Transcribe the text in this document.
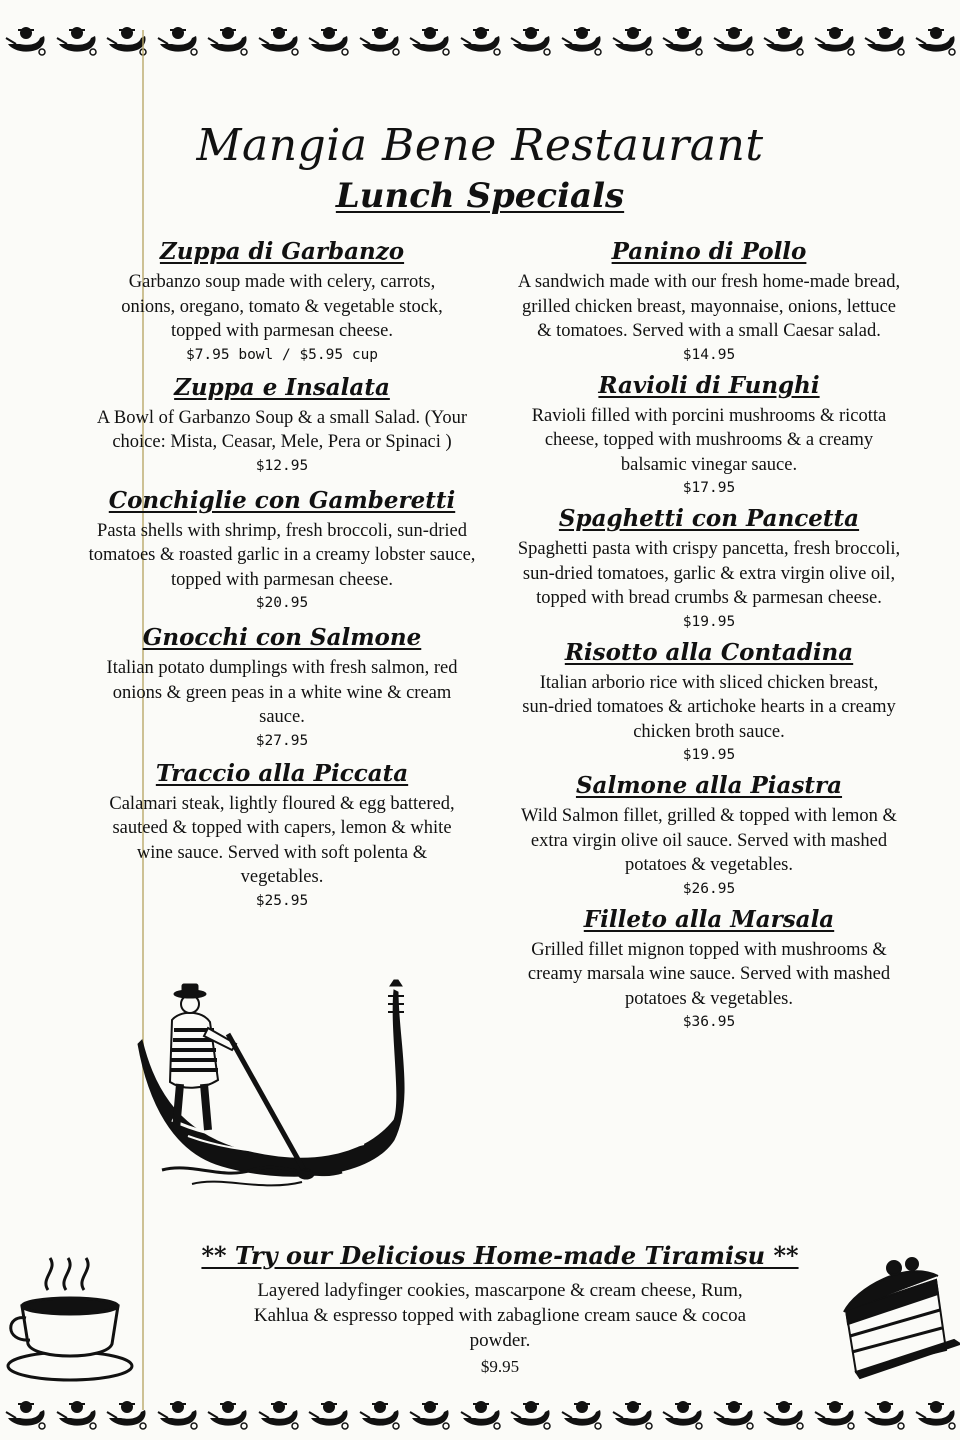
Mangia Bene Restaurant
Lunch Specials

Zuppa di Garbanzo

Garbanzo soup made with celery, carrots, onions, oregano, tomato & vegetable stock, topped with parmesan cheese.

$7.95 bowl / $5.95 cup

Zuppa e Insalata

A Bowl of Garbanzo Soup & a small Salad. (Your choice: Mista, Ceasar, Mele, Pera or Spinaci )

$12.95

Conchiglie con Gamberetti

Pasta shells with shrimp, fresh broccoli, sun-dried tomatoes & roasted garlic in a creamy lobster sauce, topped with parmesan cheese.

$20.95

Gnocchi con Salmone

Italian potato dumplings with fresh salmon, red onions & green peas in a white wine & cream sauce.

$27.95

Traccio alla Piccata

Calamari steak, lightly floured & egg battered, sauteed & topped with capers, lemon & white wine sauce. Served with soft polenta & vegetables.

$25.95

Panino di Pollo

A sandwich made with our fresh home-made bread, grilled chicken breast, mayonnaise, onions, lettuce & tomatoes. Served with a small Caesar salad.

$14.95

Ravioli di Funghi

Ravioli filled with porcini mushrooms & ricotta cheese, topped with mushrooms & a creamy balsamic vinegar sauce.

$17.95

Spaghetti con Pancetta

Spaghetti pasta with crispy pancetta, fresh broccoli, sun-dried tomatoes, garlic & extra virgin olive oil, topped with bread crumbs & parmesan cheese.

$19.95

Risotto alla Contadina

Italian arborio rice with sliced chicken breast, sun-dried tomatoes & artichoke hearts in a creamy chicken broth sauce.

$19.95

Salmone alla Piastra

Wild Salmon fillet, grilled & topped with lemon & extra virgin olive oil sauce. Served with mashed potatoes & vegetables.

$26.95

Filleto alla Marsala

Grilled fillet mignon topped with mushrooms & creamy marsala wine sauce. Served with mashed potatoes & vegetables.

$36.95

** Try our Delicious Home-made Tiramisu **

Layered ladyfinger cookies, mascarpone & cream cheese, Rum, Kahlua & espresso topped with zabaglione cream sauce & cocoa powder.

$9.95
